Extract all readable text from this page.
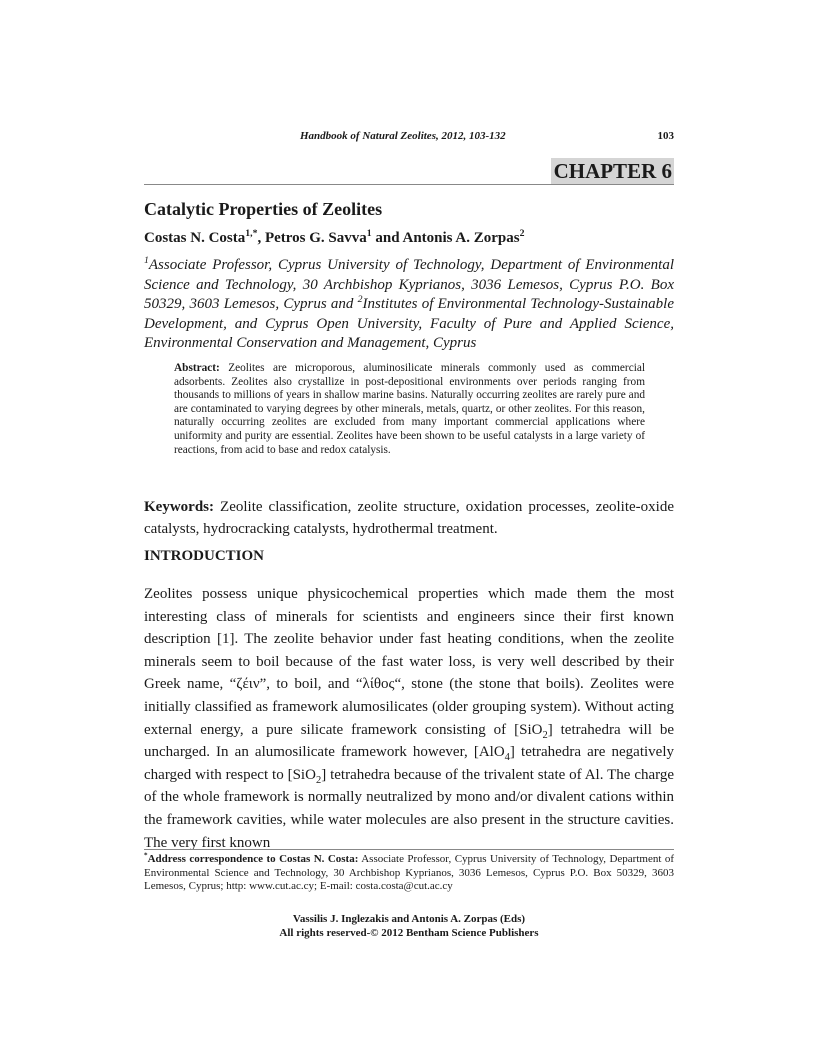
Handbook of Natural Zeolites, 2012, 103-132	103
CHAPTER 6
Catalytic Properties of Zeolites
Costas N. Costa$^{1,*}$, Petros G. Savva$^1$ and Antonis A. Zorpas$^2$
$^1$Associate Professor, Cyprus University of Technology, Department of Environmental Science and Technology, 30 Archbishop Kyprianos, 3036 Lemesos, Cyprus P.O. Box 50329, 3603 Lemesos, Cyprus and $^2$Institutes of Environmental Technology-Sustainable Development, and Cyprus Open University, Faculty of Pure and Applied Science, Environmental Conservation and Management, Cyprus
Abstract: Zeolites are microporous, aluminosilicate minerals commonly used as commercial adsorbents. Zeolites also crystallize in post-depositional environments over periods ranging from thousands to millions of years in shallow marine basins. Naturally occurring zeolites are rarely pure and are contaminated to varying degrees by other minerals, metals, quartz, or other zeolites. For this reason, naturally occurring zeolites are excluded from many important commercial applications where uniformity and purity are essential. Zeolites have been shown to be useful catalysts in a large variety of reactions, from acid to base and redox catalysis.
Keywords: Zeolite classification, zeolite structure, oxidation processes, zeolite-oxide catalysts, hydrocracking catalysts, hydrothermal treatment.
INTRODUCTION
Zeolites possess unique physicochemical properties which made them the most interesting class of minerals for scientists and engineers since their first known description [1]. The zeolite behavior under fast heating conditions, when the zeolite minerals seem to boil because of the fast water loss, is very well described by their Greek name, “ζέιν”, to boil, and “λίθος“, stone (the stone that boils). Zeolites were initially classified as framework alumosilicates (older grouping system). Without acting external energy, a pure silicate framework consisting of [SiO$_2$] tetrahedra will be uncharged. In an alumosilicate framework however, [AlO$_4$] tetrahedra are negatively charged with respect to [SiO$_2$] tetrahedra because of the trivalent state of Al. The charge of the whole framework is normally neutralized by mono and/or divalent cations within the framework cavities, while water molecules are also present in the structure cavities. The very first known
*Address correspondence to Costas N. Costa: Associate Professor, Cyprus University of Technology, Department of Environmental Science and Technology, 30 Archbishop Kyprianos, 3036 Lemesos, Cyprus P.O. Box 50329, 3603 Lemesos, Cyprus; http: www.cut.ac.cy; E-mail: costa.costa@cut.ac.cy
Vassilis J. Inglezakis and Antonis A. Zorpas (Eds)
All rights reserved-© 2012 Bentham Science Publishers
